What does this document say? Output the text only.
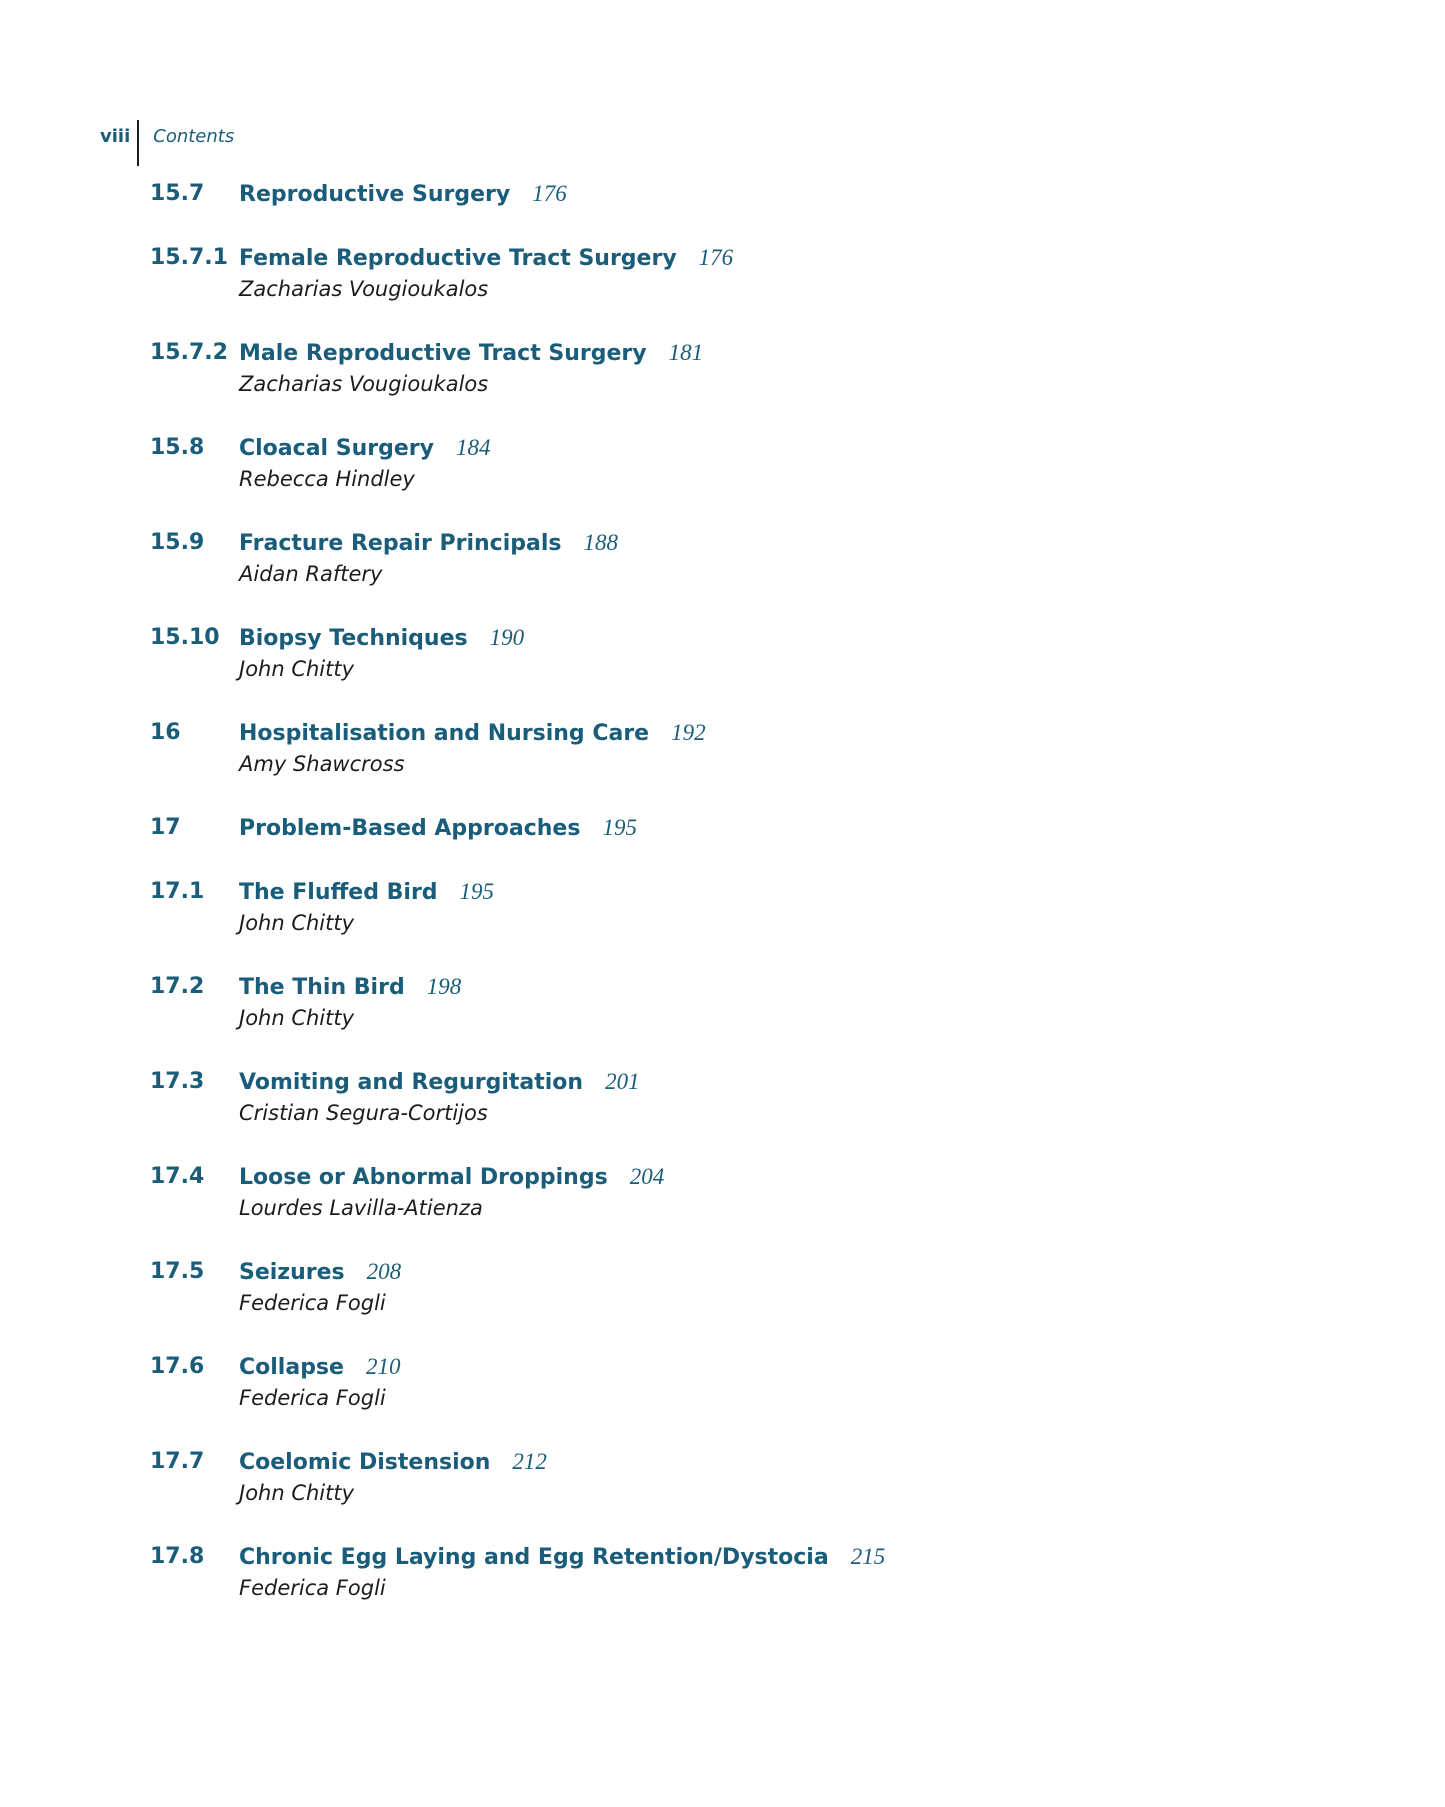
viii	Contents
15.7 Reproductive Surgery 176
15.7.1 Female Reproductive Tract Surgery 176
Zacharias Vougioukalos
15.7.2 Male Reproductive Tract Surgery 181
Zacharias Vougioukalos
15.8 Cloacal Surgery 184
Rebecca Hindley
15.9 Fracture Repair Principals 188
Aidan Raftery
15.10 Biopsy Techniques 190
John Chitty
16	Hospitalisation and Nursing Care 192
Amy Shawcross
17	Problem-Based Approaches 195
17.1 The Fluffed Bird 195
John Chitty
17.2 The Thin Bird 198
John Chitty
17.3 Vomiting and Regurgitation 201
Cristian Segura-Cortijos
17.4 Loose or Abnormal Droppings 204
Lourdes Lavilla-Atienza
17.5 Seizures 208
Federica Fogli
17.6 Collapse 210
Federica Fogli
17.7 Coelomic Distension 212
John Chitty
17.8 Chronic Egg Laying and Egg Retention/Dystocia 215
Federica Fogli
